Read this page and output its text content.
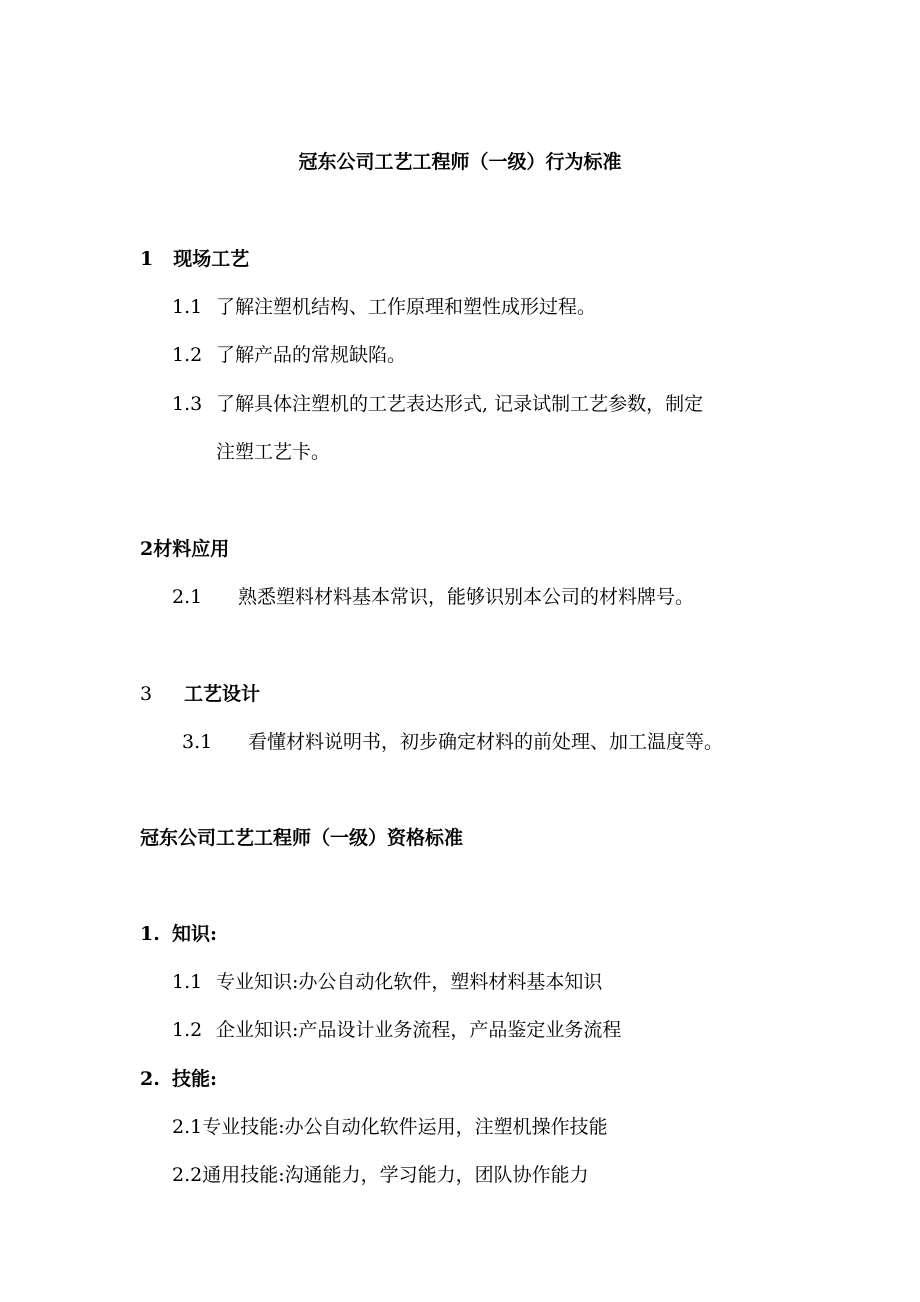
冠东公司工艺工程师（一级）行为标准
1 现场工艺
1.1 了解注塑机结构、工作原理和塑性成形过程。
1.2 了解产品的常规缺陷。
1.3 了解具体注塑机的工艺表达形式, 记录试制工艺参数，制定
注塑工艺卡。
2材料应用
2.1 熟悉塑料材料基本常识，能够识别本公司的材料牌号。
3 工艺设计
3.1 看懂材料说明书，初步确定材料的前处理、加工温度等。
冠东公司工艺工程师（一级）资格标准
1. 知识:
1.1 专业知识:办公自动化软件，塑料材料基本知识
1.2 企业知识:产品设计业务流程，产品鉴定业务流程
2. 技能:
2.1专业技能:办公自动化软件运用，注塑机操作技能
2.2通用技能:沟通能力，学习能力，团队协作能力
